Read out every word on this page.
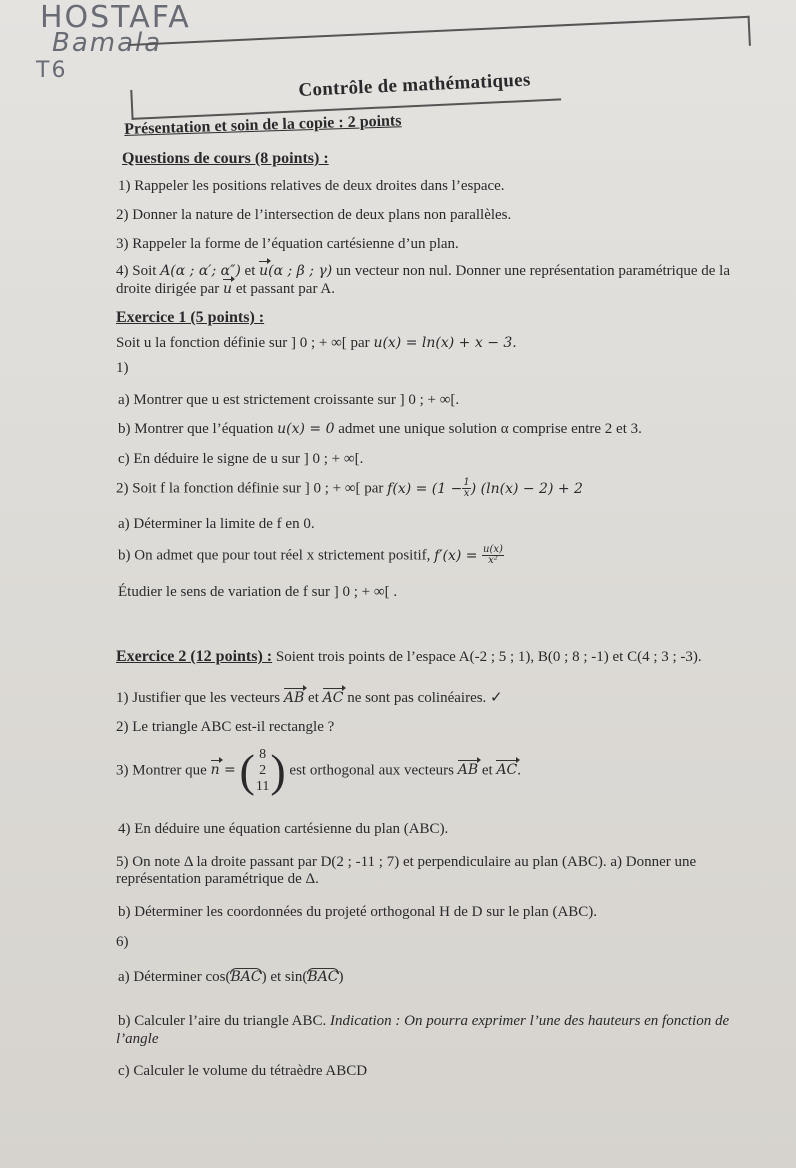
HOSTAFA
Bamala
T6	Contrôle de mathématiques
Présentation et soin de la copie : 2 points
Questions de cours (8 points) :
1) Rappeler les positions relatives de deux droites dans l’espace.
2) Donner la nature de l’intersection de deux plans non parallèles.
3) Rappeler la forme de l’équation cartésienne d’un plan.
4) Soit A(α ; α′; α″) et u(α ; β ; γ) un vecteur non nul. Donner une représentation paramétrique de la
droite dirigée par u et passant par A.
Exercice 1 (5 points) :
Soit u la fonction définie sur ] 0 ; + ∞[ par u(x) = ln(x) + x − 3.
1)
a) Montrer que u est strictement croissante sur ] 0 ; + ∞[.
b) Montrer que l’équation u(x) = 0 admet une unique solution α comprise entre 2 et 3.
c) En déduire le signe de u sur ] 0 ; + ∞[.
2) Soit f la fonction définie sur ] 0 ; + ∞[ par $f(x) = (1 - \frac{1}{x}$ ) (ln(x) − 2) + 2
a) Déterminer la limite de f en 0.
b) On admet que pour tout réel x strictement positif, $f'(x) = \frac{u(x)}{\text{x²}}$
Étudier le sens de variation de f sur ] 0 ; + ∞[ .
Exercice 2 (12 points) : Soient trois points de l’espace A(-2 ; 5 ; 1), B(0 ; 8 ; -1) et C(4 ; 3 ; -3).
1) Justifier que les vecteurs AB et AC ne sont pas colinéaires. ✓
2) Le triangle ABC est-il rectangle ?
3) Montrer que n = ( 8
2
11 ) est orthogonal aux vecteurs AB et AC.
4) En déduire une équation cartésienne du plan (ABC).
5) On note Δ la droite passant par D(2 ; -11 ; 7) et perpendiculaire au plan (ABC). a) Donner une
représentation paramétrique de Δ.
b) Déterminer les coordonnées du projeté orthogonal H de D sur le plan (ABC).
6)
a) Déterminer cos(BAC) et sin(BAC)
b) Calculer l’aire du triangle ABC. Indication : On pourra exprimer l’une des hauteurs en fonction de
l’angle
c) Calculer le volume du tétraèdre ABCD
